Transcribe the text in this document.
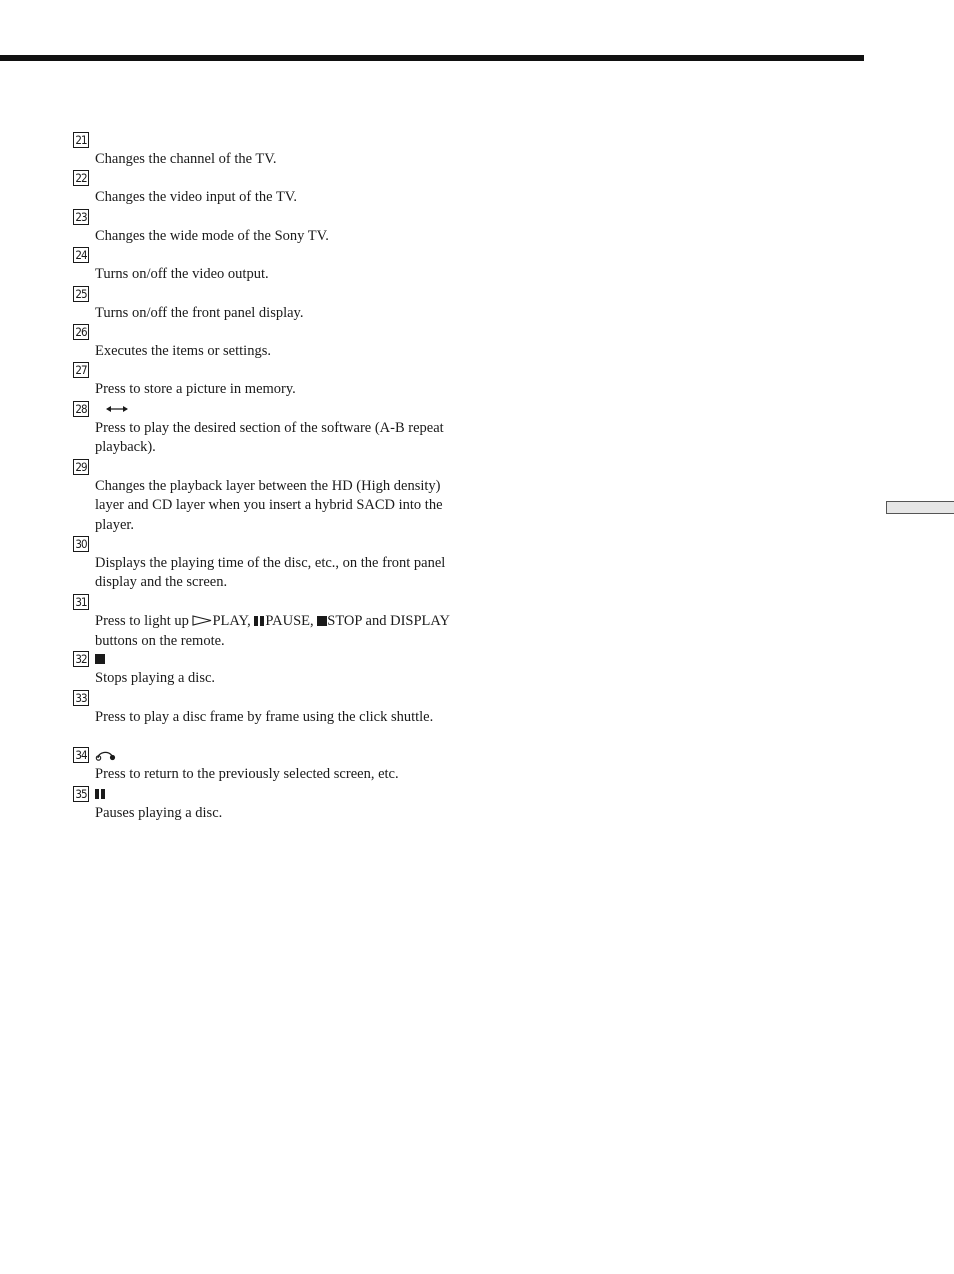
21
Changes the channel of the TV.
22
Changes the video input of the TV.
23
Changes the wide mode of the Sony TV.
24
Turns on/off the video output.
25
Turns on/off the front panel display.
26
Executes the items or settings.
27
Press to store a picture in memory.
28
Press to play the desired section of the software (A-B repeat playback).
29
Changes the playback layer between the HD (High density) layer and CD layer when you insert a hybrid SACD into the player.
30
Displays the playing time of the disc, etc., on the front panel display and the screen.
31
Press to light up PLAY, PAUSE, STOP and DISPLAY buttons on the remote.
32
Stops playing a disc.
33
Press to play a disc frame by frame using the click shuttle.
34
Press to return to the previously selected screen, etc.
35
Pauses playing a disc.
